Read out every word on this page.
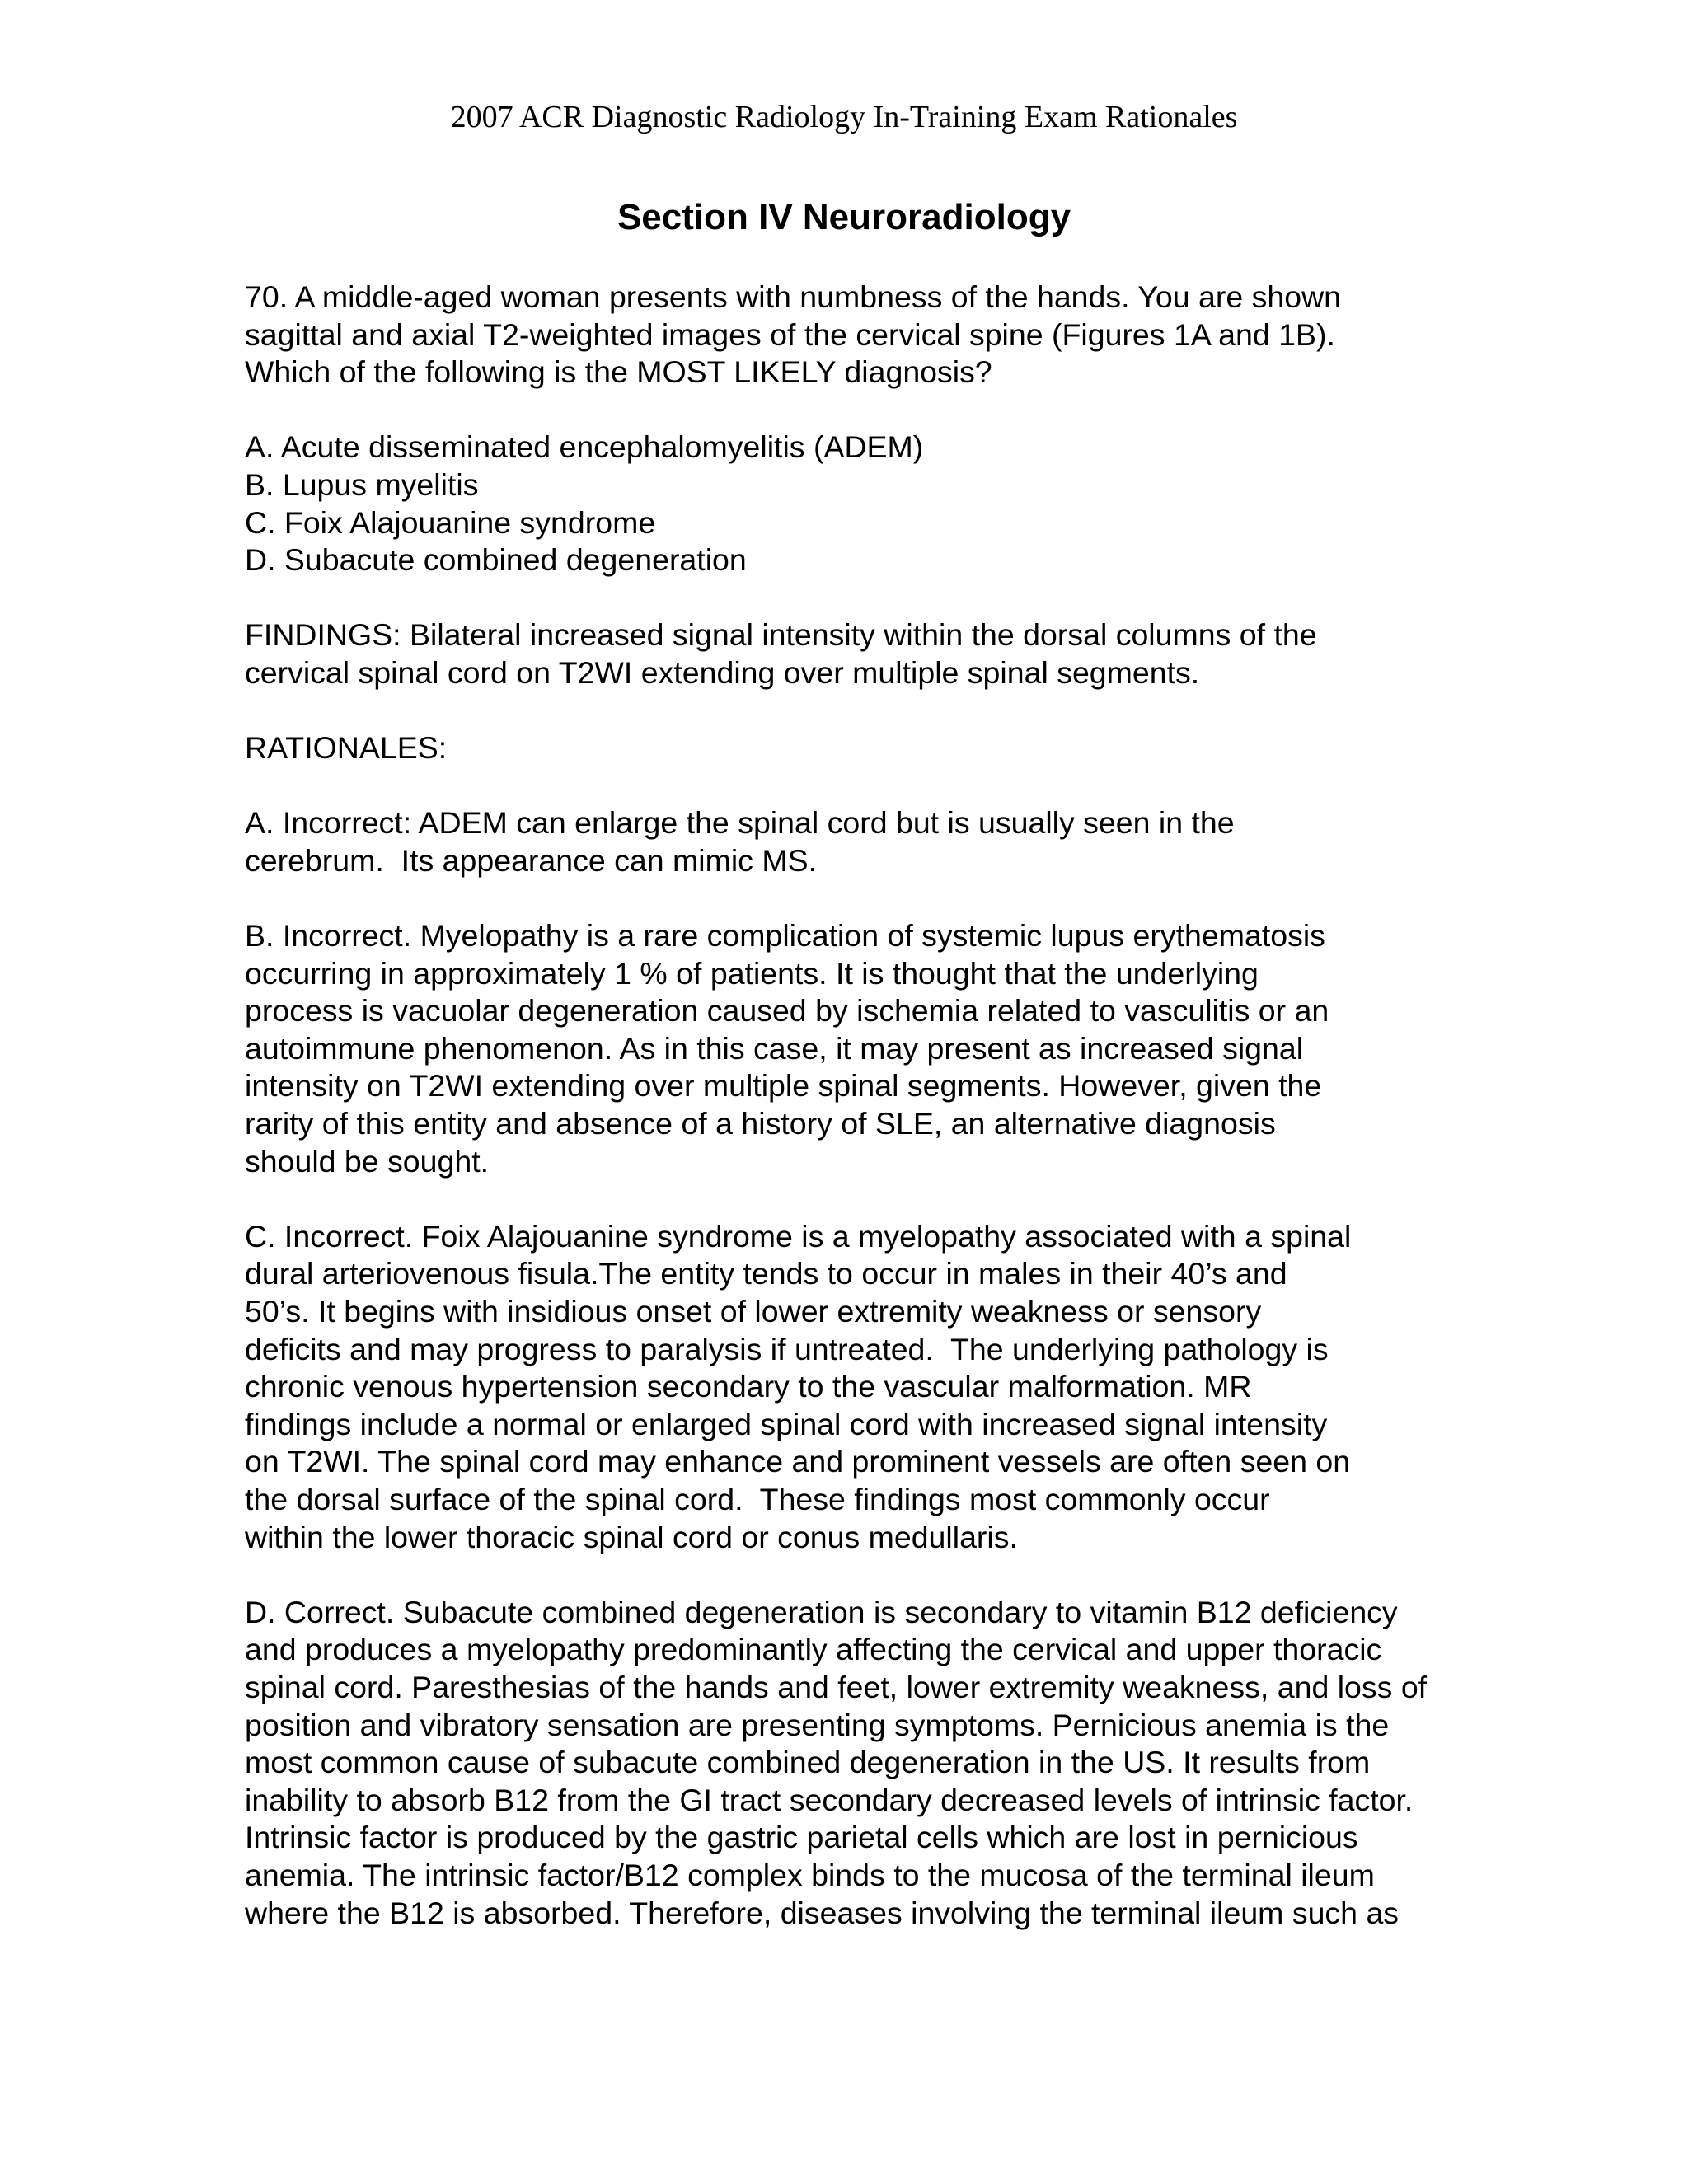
2007 ACR Diagnostic Radiology In-Training Exam Rationales
Section IV Neuroradiology

70. A middle-aged woman presents with numbness of the hands. You are shown
sagittal and axial T2-weighted images of the cervical spine (Figures 1A and 1B).
Which of the following is the MOST LIKELY diagnosis?

A. Acute disseminated encephalomyelitis (ADEM)
B. Lupus myelitis
C. Foix Alajouanine syndrome
D. Subacute combined degeneration

FINDINGS: Bilateral increased signal intensity within the dorsal columns of the
cervical spinal cord on T2WI extending over multiple spinal segments.

RATIONALES:

A. Incorrect: ADEM can enlarge the spinal cord but is usually seen in the
cerebrum.  Its appearance can mimic MS.

B. Incorrect. Myelopathy is a rare complication of systemic lupus erythematosis
occurring in approximately 1 % of patients. It is thought that the underlying
process is vacuolar degeneration caused by ischemia related to vasculitis or an
autoimmune phenomenon. As in this case, it may present as increased signal
intensity on T2WI extending over multiple spinal segments. However, given the
rarity of this entity and absence of a history of SLE, an alternative diagnosis
should be sought.

C. Incorrect. Foix Alajouanine syndrome is a myelopathy associated with a spinal
dural arteriovenous fisula.The entity tends to occur in males in their 40’s and
50’s. It begins with insidious onset of lower extremity weakness or sensory
deficits and may progress to paralysis if untreated.  The underlying pathology is
chronic venous hypertension secondary to the vascular malformation. MR
findings include a normal or enlarged spinal cord with increased signal intensity
on T2WI. The spinal cord may enhance and prominent vessels are often seen on
the dorsal surface of the spinal cord.  These findings most commonly occur
within the lower thoracic spinal cord or conus medullaris.

D. Correct. Subacute combined degeneration is secondary to vitamin B12 deficiency
and produces a myelopathy predominantly affecting the cervical and upper thoracic
spinal cord. Paresthesias of the hands and feet, lower extremity weakness, and loss of
position and vibratory sensation are presenting symptoms. Pernicious anemia is the
most common cause of subacute combined degeneration in the US. It results from
inability to absorb B12 from the GI tract secondary decreased levels of intrinsic factor.
Intrinsic factor is produced by the gastric parietal cells which are lost in pernicious
anemia. The intrinsic factor/B12 complex binds to the mucosa of the terminal ileum
where the B12 is absorbed. Therefore, diseases involving the terminal ileum such as
